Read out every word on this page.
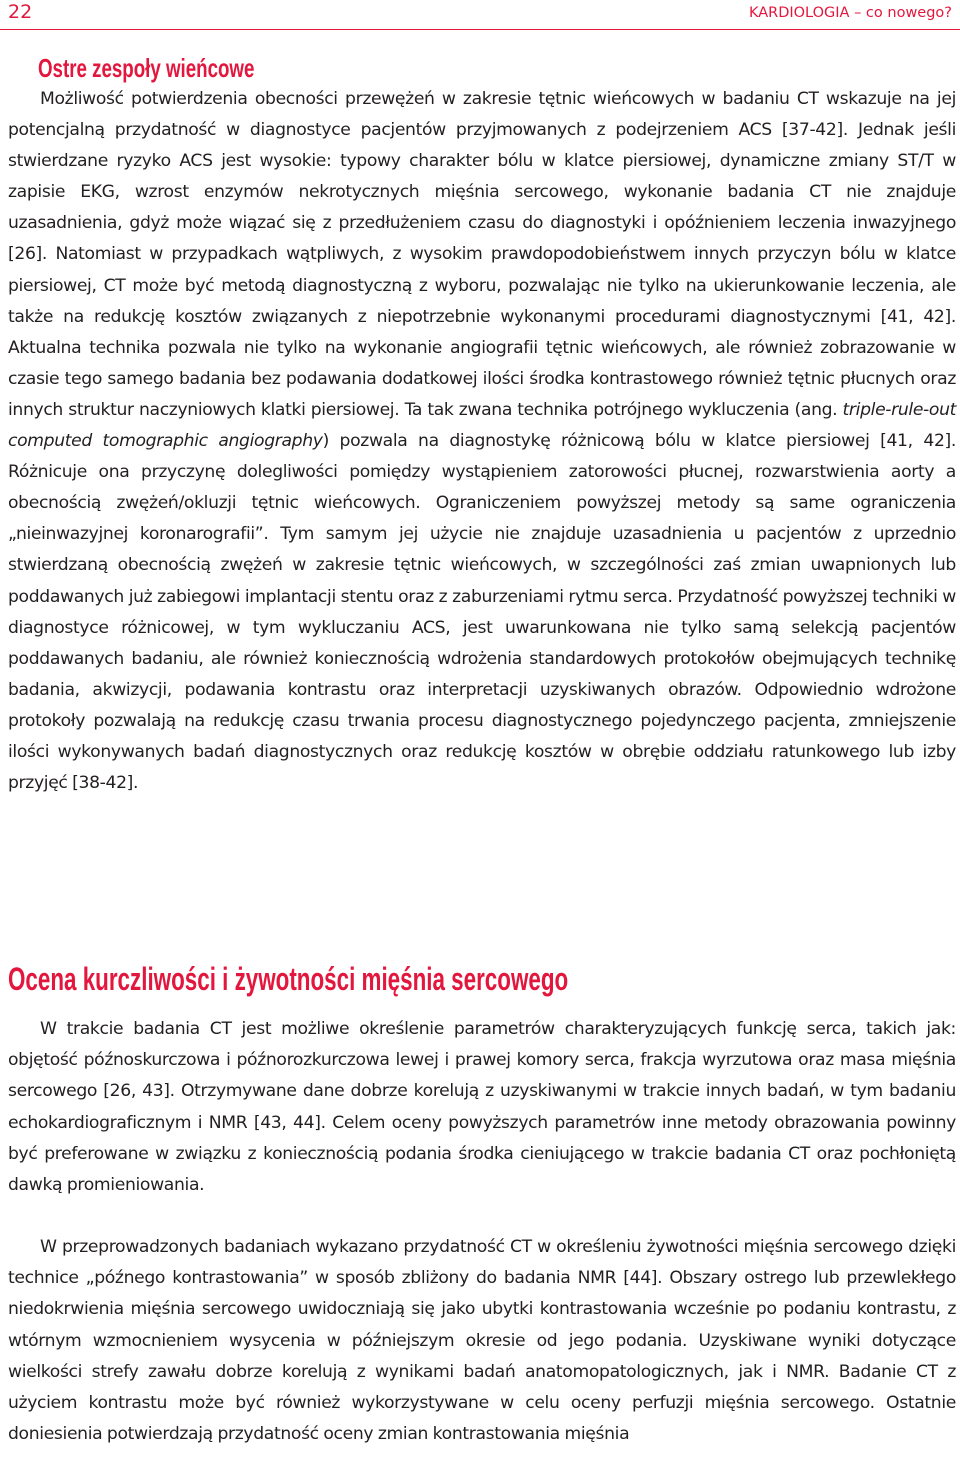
22	KARDIOLOGIA – co nowego?
Ostre zespoły wieńcowe

Możliwość potwierdzenia obecności przewężeń w zakresie tętnic wieńcowych w badaniu CT wskazuje na jej potencjalną przydatność w diagnostyce pacjentów przyjmowanych z podejrzeniem ACS [37-42]. Jednak jeśli stwierdzane ryzyko ACS jest wysokie: typowy charakter bólu w klatce piersiowej, dynamiczne zmiany ST/T w zapisie EKG, wzrost enzymów nekrotycznych mięśnia sercowego, wykonanie badania CT nie znajduje uzasadnienia, gdyż może wiązać się z przedłużeniem czasu do diagnostyki i opóźnieniem leczenia inwazyjnego [26]. Natomiast w przypadkach wątpliwych, z wysokim prawdopodobieństwem innych przyczyn bólu w klatce piersiowej, CT może być metodą diagnostyczną z wyboru, pozwalając nie tylko na ukierunkowanie leczenia, ale także na redukcję kosztów związanych z niepotrzebnie wykonanymi procedurami diagnostycznymi [41, 42]. Aktualna technika pozwala nie tylko na wykonanie angiografii tętnic wieńcowych, ale również zobrazowanie w czasie tego samego badania bez podawania dodatkowej ilości środka kontrastowego również tętnic płucnych oraz innych struktur naczyniowych klatki piersiowej. Ta tak zwana technika potrójnego wykluczenia (ang. triple-rule-out computed tomographic angiography) pozwala na diagnostykę różnicową bólu w klatce piersiowej [41, 42]. Różnicuje ona przyczynę dolegliwości pomiędzy wystąpieniem zatorowości płucnej, rozwarstwienia aorty a obecnością zwężeń/okluzji tętnic wieńcowych. Ograniczeniem powyższej metody są same ograniczenia „nieinwazyjnej koronarografii”. Tym samym jej użycie nie znajduje uzasadnienia u pacjentów z uprzednio stwierdzaną obecnością zwężeń w zakresie tętnic wieńcowych, w szczególności zaś zmian uwapnionych lub poddawanych już zabiegowi implantacji stentu oraz z zaburzeniami rytmu serca. Przydatność powyższej techniki w diagnostyce różnicowej, w tym wykluczaniu ACS, jest uwarunkowana nie tylko samą selekcją pacjentów poddawanych badaniu, ale również koniecznością wdrożenia standardowych protokołów obejmujących technikę badania, akwizycji, podawania kontrastu oraz interpretacji uzyskiwanych obrazów. Odpowiednio wdrożone protokoły pozwalają na redukcję czasu trwania procesu diagnostycznego pojedynczego pacjenta, zmniejszenie ilości wykonywanych badań diagnostycznych oraz redukcję kosztów w obrębie oddziału ratunkowego lub izby przyjęć [38-42].

Ocena kurczliwości i żywotności mięśnia sercowego

W trakcie badania CT jest możliwe określenie parametrów charakteryzujących funkcję serca, takich jak: objętość późnoskurczowa i późnorozkurczowa lewej i prawej komory serca, frakcja wyrzutowa oraz masa mięśnia sercowego [26, 43]. Otrzymywane dane dobrze korelują z uzyskiwanymi w trakcie innych badań, w tym badaniu echokardiograficznym i NMR [43, 44]. Celem oceny powyższych parametrów inne metody obrazowania powinny być preferowane w związku z koniecznością podania środka cieniującego w trakcie badania CT oraz pochłoniętą dawką promieniowania.

W przeprowadzonych badaniach wykazano przydatność CT w określeniu żywotności mięśnia sercowego dzięki technice „późnego kontrastowania” w sposób zbliżony do badania NMR [44]. Obszary ostrego lub przewlekłego niedokrwienia mięśnia sercowego uwidoczniają się jako ubytki kontrastowania wcześnie po podaniu kontrastu, z wtórnym wzmocnieniem wysycenia w późniejszym okresie od jego podania. Uzyskiwane wyniki dotyczące wielkości strefy zawału dobrze korelują z wynikami badań anatomopatologicznych, jak i NMR. Badanie CT z użyciem kontrastu może być również wykorzystywane w celu oceny perfuzji mięśnia sercowego. Ostatnie doniesienia potwierdzają przydatność oceny zmian kontrastowania mięśnia
